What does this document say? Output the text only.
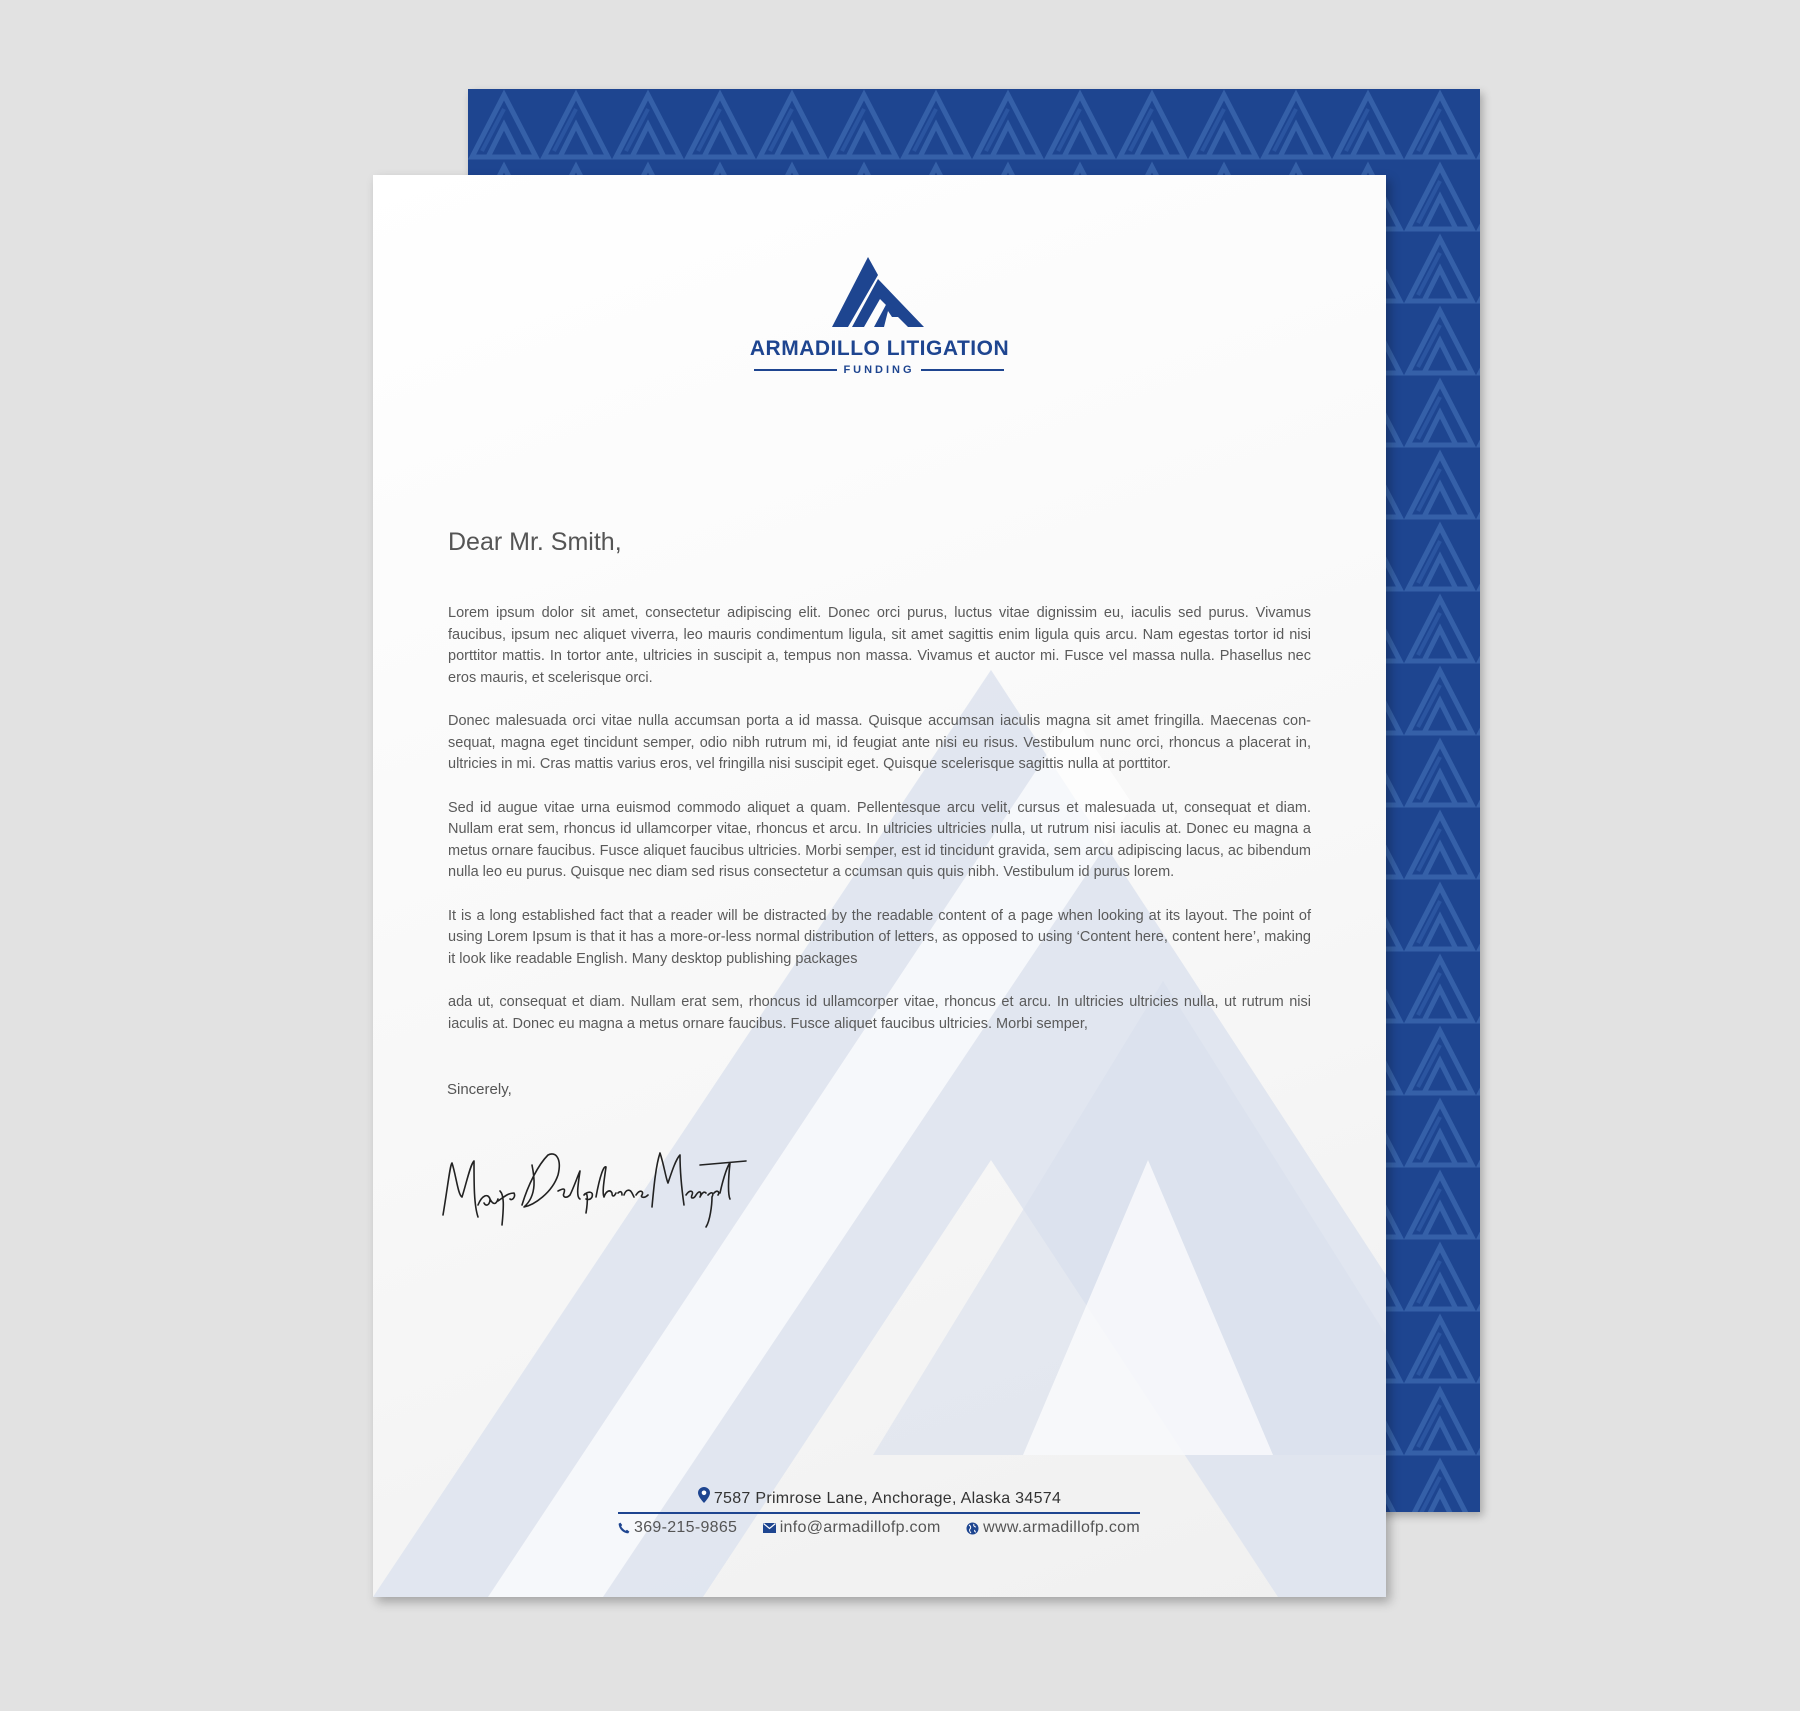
ARMADILLO LITIGATION
FUNDING
Dear Mr. Smith,

Lorem ipsum dolor sit amet, consectetur adipiscing elit. Donec orci purus, luctus vitae dignissim eu, iaculis sed purus. Vivamus faucibus, ipsum nec aliquet viverra, leo mauris condimentum ligula, sit amet sagittis enim ligula quis arcu. Nam egestas tortor id nisi porttitor mattis. In tortor ante, ultricies in suscipit a, tempus non massa. Vivamus et auctor mi. Fusce vel massa nulla. Phasellus nec eros mauris, et scelerisque orci.

Donec malesuada orci vitae nulla accumsan porta a id massa. Quisque accumsan iaculis magna sit amet fringilla. Maecenas con-sequat, magna eget tincidunt semper, odio nibh rutrum mi, id feugiat ante nisi eu risus. Vestibulum nunc orci, rhoncus a placerat in, ultricies in mi. Cras mattis varius eros, vel fringilla nisi suscipit eget. Quisque scelerisque sagittis nulla at porttitor.

Sed id augue vitae urna euismod commodo aliquet a quam. Pellentesque arcu velit, cursus et malesuada ut, consequat et diam. Nullam erat sem, rhoncus id ullamcorper vitae, rhoncus et arcu. In ultricies ultricies nulla, ut rutrum nisi iaculis at. Donec eu magna a metus ornare faucibus. Fusce aliquet faucibus ultricies. Morbi semper, est id tincidunt gravida, sem arcu adipiscing lacus, ac bibendum nulla leo eu purus. Quisque nec diam sed risus consectetur a ccumsan quis quis nibh. Vestibulum id purus lorem.

It is a long established fact that a reader will be distracted by the readable content of a page when looking at its layout. The point of using Lorem Ipsum is that it has a more-or-less normal distribution of letters, as opposed to using ‘Content here, content here’, making it look like readable English. Many desktop publishing packages

ada ut, consequat et diam. Nullam erat sem, rhoncus id ullamcorper vitae, rhoncus et arcu. In ultricies ultricies nulla, ut rutrum nisi iaculis at. Donec eu magna a metus ornare faucibus. Fusce aliquet faucibus ultricies. Morbi semper,

Sincerely,
7587 Primrose Lane, Anchorage, Alaska 34574
369-215-9865	info@armadillofp.com	www.armadillofp.com
